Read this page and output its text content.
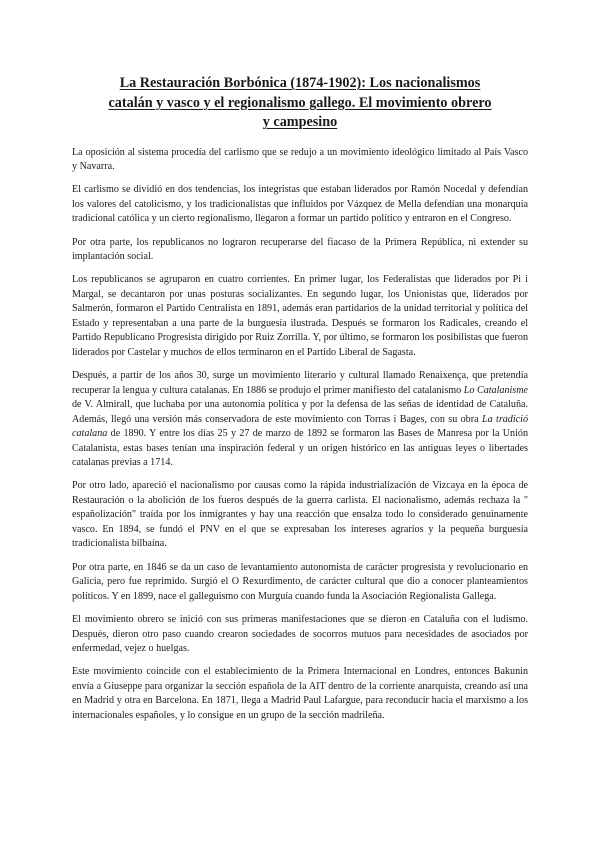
La Restauración Borbónica (1874-1902): Los nacionalismos catalán y vasco y el regionalismo gallego. El movimiento obrero y campesino

La oposición al sistema procedía del carlismo que se redujo a un movimiento ideológico limitado al País Vasco y Navarra.

El carlismo se dividió en dos tendencias, los integristas que estaban liderados por Ramón Nocedal y defendían los valores del catolicismo, y los tradicionalistas que influidos por Vázquez de Mella defendían una monarquía tradicional católica y un cierto regionalismo, llegaron a formar un partido político y entraron en el Congreso.

Por otra parte, los republicanos no lograron recuperarse del fiacaso de la Primera República, ni extender su implantación social.

Los republicanos se agruparon en cuatro corrientes. En primer lugar, los Federalistas que liderados por Pi i Margal, se decantaron por unas posturas socializantes. En segundo lugar, los Unionistas que, liderados por Salmerón, formaron el Partido Centralista en 1891, además eran partidarios de la unidad territorial y política del Estado y representaban a una parte de la burguesía ilustrada. Después se formaron los Radicales, creando el Partido Republicano Progresista dirigido por Ruiz Zorrilla. Y, por último, se formaron los posibilistas que fueron liderados por Castelar y muchos de ellos terminaron en el Partido Liberal de Sagasta.

Después, a partir de los años 30, surge un movimiento literario y cultural llamado Renaixença, que pretendía recuperar la lengua y cultura catalanas. En 1886 se produjo el primer manifiesto del catalanismo Lo Catalanisme de V. Almirall, que luchaba por una autonomía política y por la defensa de las señas de identidad de Cataluña. Además, llegó una versión más conservadora de este movimiento con Torras i Bages, con su obra La tradició catalana de 1890. Y entre los días 25 y 27 de marzo de 1892 se formaron las Bases de Manresa por la Unión Catalanista, estas bases tenían una inspiración federal y un origen histórico en las antiguas leyes o libertades catalanas previas a 1714.

Por otro lado, apareció el nacionalismo por causas como la rápida industrialización de Vizcaya en la época de Restauración o la abolición de los fueros después de la guerra carlista. El nacionalismo, además rechaza la " españolización" traída por los inmigrantes y hay una reacción que ensalza todo lo considerado genuinamente vasco. En 1894, se fundó el PNV en el que se expresaban los intereses agrarios y la pequeña burguesía tradicionalista bilbaína.

Por otra parte, en 1846 se da un caso de levantamiento autonomista de carácter progresista y revolucionario en Galicia, pero fue reprimido. Surgió el O Rexurdimento, de carácter cultural que dio a conocer planteamientos políticos. Y en 1899, nace el galleguismo con Murguía cuando funda la Asociación Regionalista Gallega.

El movimiento obrero se inició con sus primeras manifestaciones que se dieron en Cataluña con el ludismo. Después, dieron otro paso cuando crearon sociedades de socorros mutuos para necesidades de asociados por enfermedad, vejez o huelgas.

Este movimiento coincide con el establecimiento de la Primera Internacional en Londres, entonces Bakunin envía a Giuseppe para organizar la sección española de la AIT dentro de la corriente anarquista, creando así una en Madrid y otra en Barcelona. En 1871, llega a Madrid Paul Lafargue, para reconducir hacia el marxismo a los internacionales españoles, y lo consigue en un grupo de la sección madrileña.
